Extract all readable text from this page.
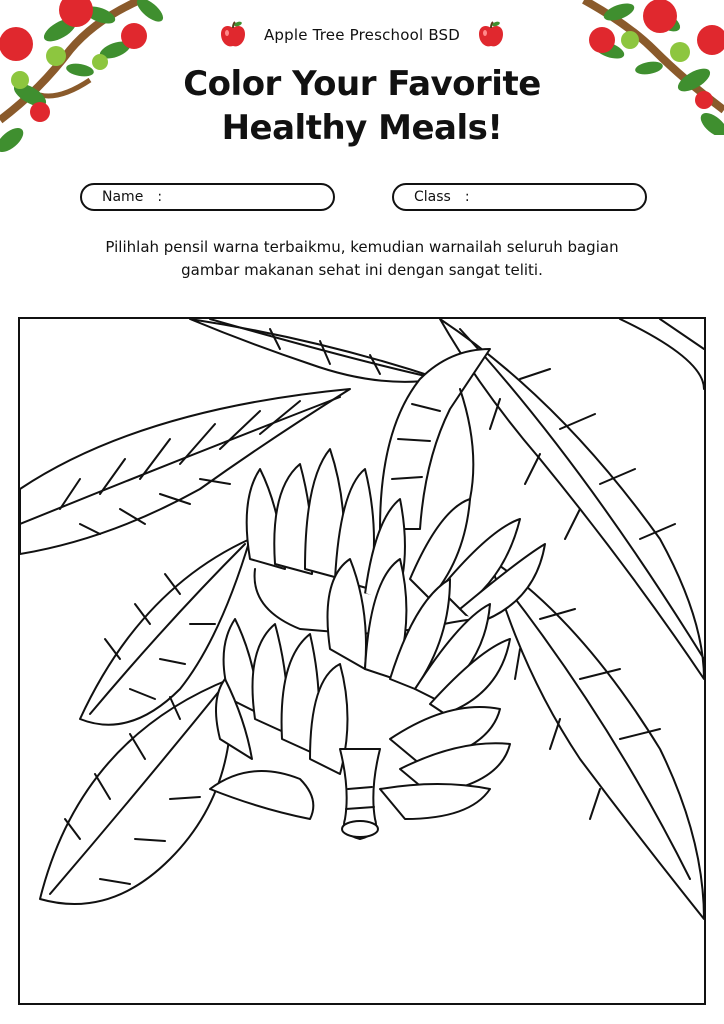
Apple Tree Preschool BSD
Color Your Favorite
Healthy Meals!
Name :	Class :
Pilihlah pensil warna terbaikmu, kemudian warnailah seluruh bagian
gambar makanan sehat ini dengan sangat teliti.
